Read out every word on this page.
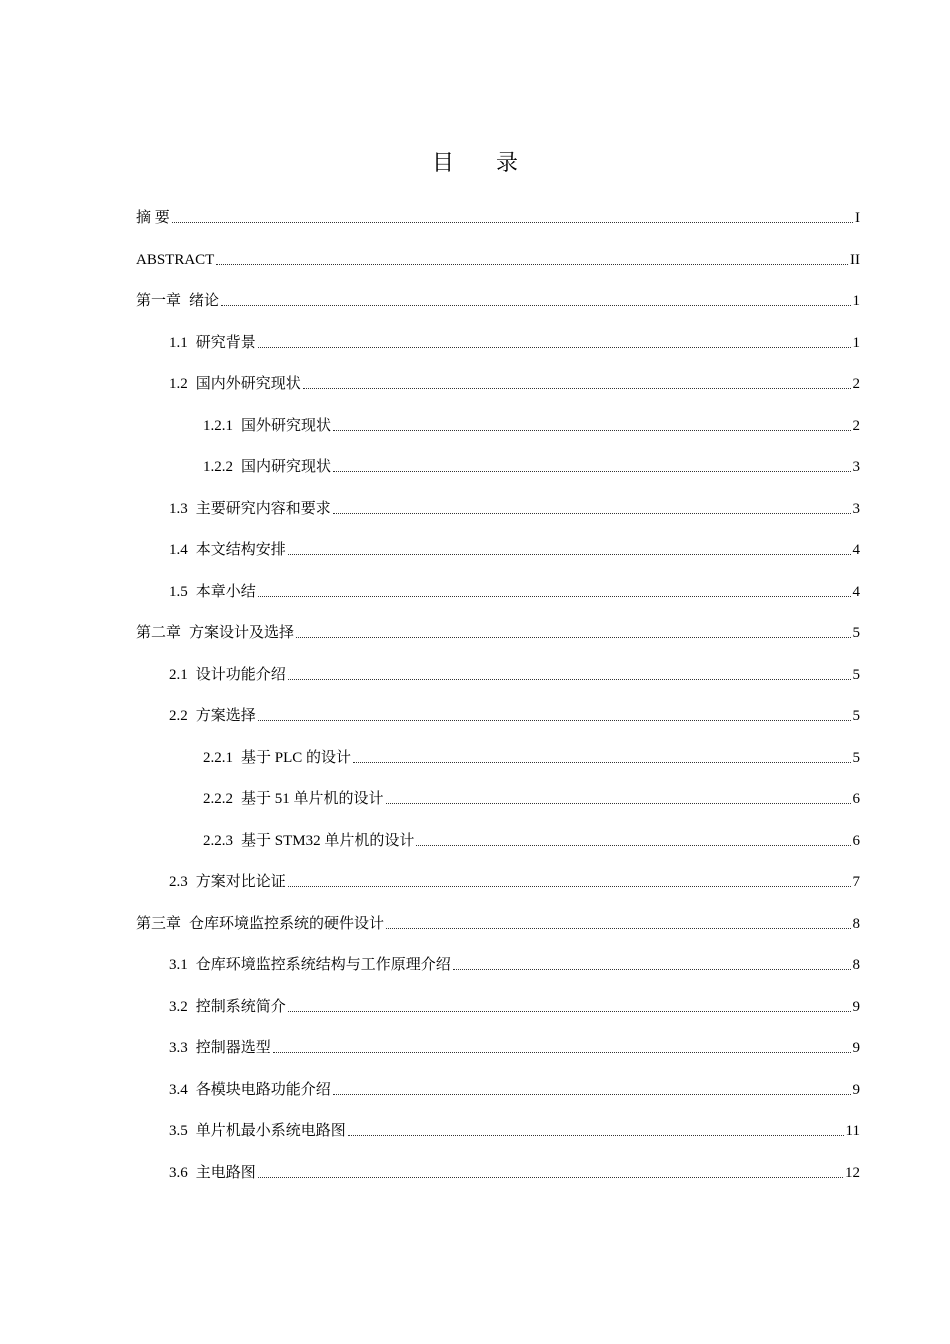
目 录
摘 要	I
ABSTRACT	II
第一章 绪论	1
1.1 研究背景	1
1.2 国内外研究现状	2
1.2.1 国外研究现状	2
1.2.2 国内研究现状	3
1.3 主要研究内容和要求	3
1.4 本文结构安排	4
1.5 本章小结	4
第二章 方案设计及选择	5
2.1 设计功能介绍	5
2.2 方案选择	5
2.2.1 基于 PLC 的设计	5
2.2.2 基于 51 单片机的设计	6
2.2.3 基于 STM32 单片机的设计	6
2.3 方案对比论证	7
第三章 仓库环境监控系统的硬件设计	8
3.1 仓库环境监控系统结构与工作原理介绍	8
3.2 控制系统简介	9
3.3 控制器选型	9
3.4 各模块电路功能介绍	9
3.5 单片机最小系统电路图	11
3.6 主电路图	12
